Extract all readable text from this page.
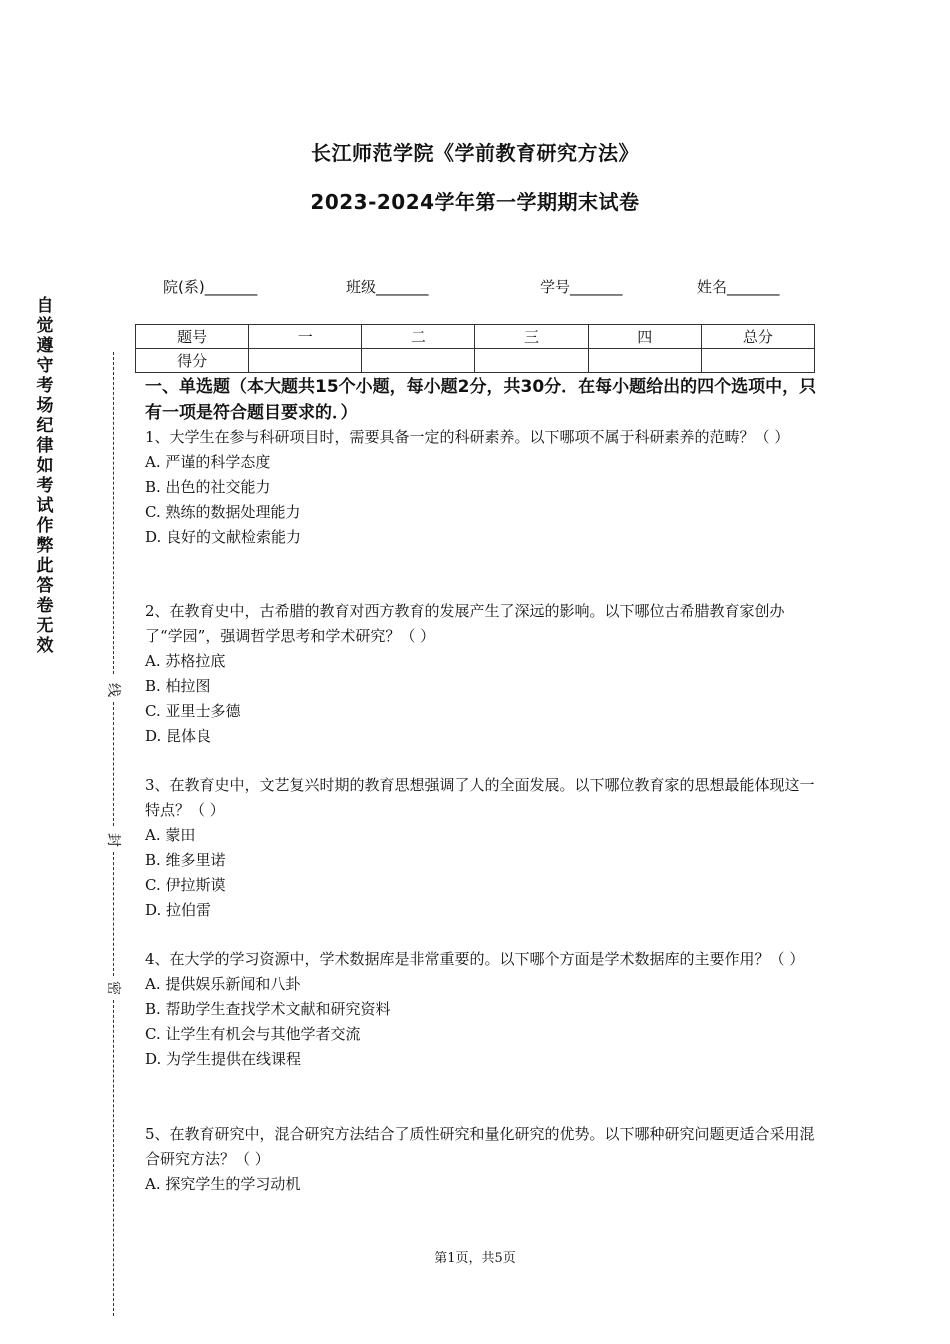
长江师范学院《学前教育研究方法》
2023-2024学年第一学期期末试卷
院(系)_______	班级_______	学号_______	姓名_______
题号	一	二	三	四	总分
得分					
自觉遵守考场纪律如考试作弊此答卷无效
线
封
密
一、单选题（本大题共15个小题，每小题2分，共30分．在每小题给出的四个选项中，只有一项是符合题目要求的．）

1、大学生在参与科研项目时，需要具备一定的科研素养。以下哪项不属于科研素养的范畴？（ ）

A. 严谨的科学态度

B. 出色的社交能力

C. 熟练的数据处理能力

D. 良好的文献检索能力

2、在教育史中，古希腊的教育对西方教育的发展产生了深远的影响。以下哪位古希腊教育家创办了“学园”，强调哲学思考和学术研究？（ ）

A. 苏格拉底

B. 柏拉图

C. 亚里士多德

D. 昆体良

3、在教育史中，文艺复兴时期的教育思想强调了人的全面发展。以下哪位教育家的思想最能体现这一特点？（ ）

A. 蒙田

B. 维多里诺

C. 伊拉斯谟

D. 拉伯雷

4、在大学的学习资源中，学术数据库是非常重要的。以下哪个方面是学术数据库的主要作用？（ ）

A. 提供娱乐新闻和八卦

B. 帮助学生查找学术文献和研究资料

C. 让学生有机会与其他学者交流

D. 为学生提供在线课程

5、在教育研究中，混合研究方法结合了质性研究和量化研究的优势。以下哪种研究问题更适合采用混合研究方法？（ ）

A. 探究学生的学习动机

第1页，共5页
